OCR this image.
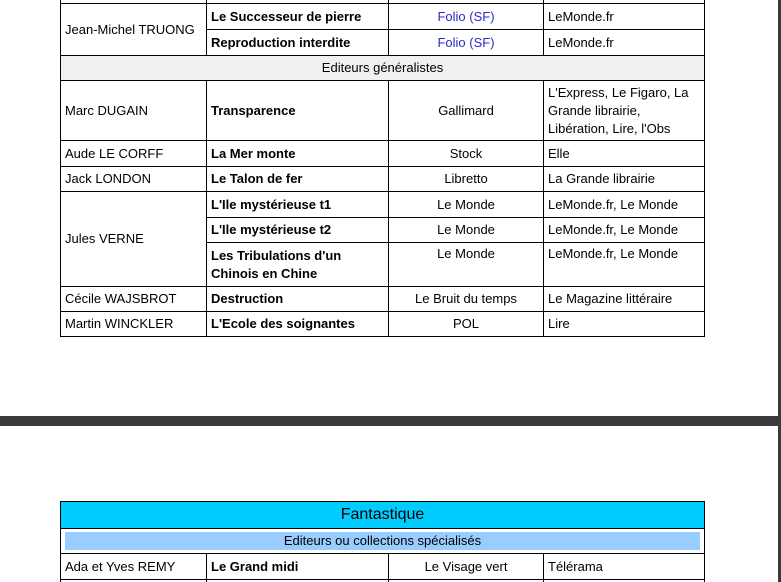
Jean-Michel TRUONG	Le Successeur de pierre	Folio (SF)	LeMonde.fr
	Reproduction interdite	Folio (SF)	LeMonde.fr
Editeurs généralistes			
Marc DUGAIN	Transparence	Gallimard	L'Express, Le Figaro, La Grande librairie, Libération, Lire, l'Obs
Aude LE CORFF	La Mer monte	Stock	Elle
Jack LONDON	Le Talon de fer	Libretto	La Grande librairie
Jules VERNE	L'Ile mystérieuse t1	Le Monde	LeMonde.fr, Le Monde
	L'Ile mystérieuse t2	Le Monde	LeMonde.fr, Le Monde
	Les Tribulations d'un Chinois en Chine	Le Monde	LeMonde.fr, Le Monde
Cécile WAJSBROT	Destruction	Le Bruit du temps	Le Magazine littéraire
Martin WINCKLER	L'Ecole des soignantes	POL	Lire
Fantastique			

Editeurs ou collections spécialisés			

Ada et Yves REMY	Le Grand midi	Le Visage vert	Télérama
